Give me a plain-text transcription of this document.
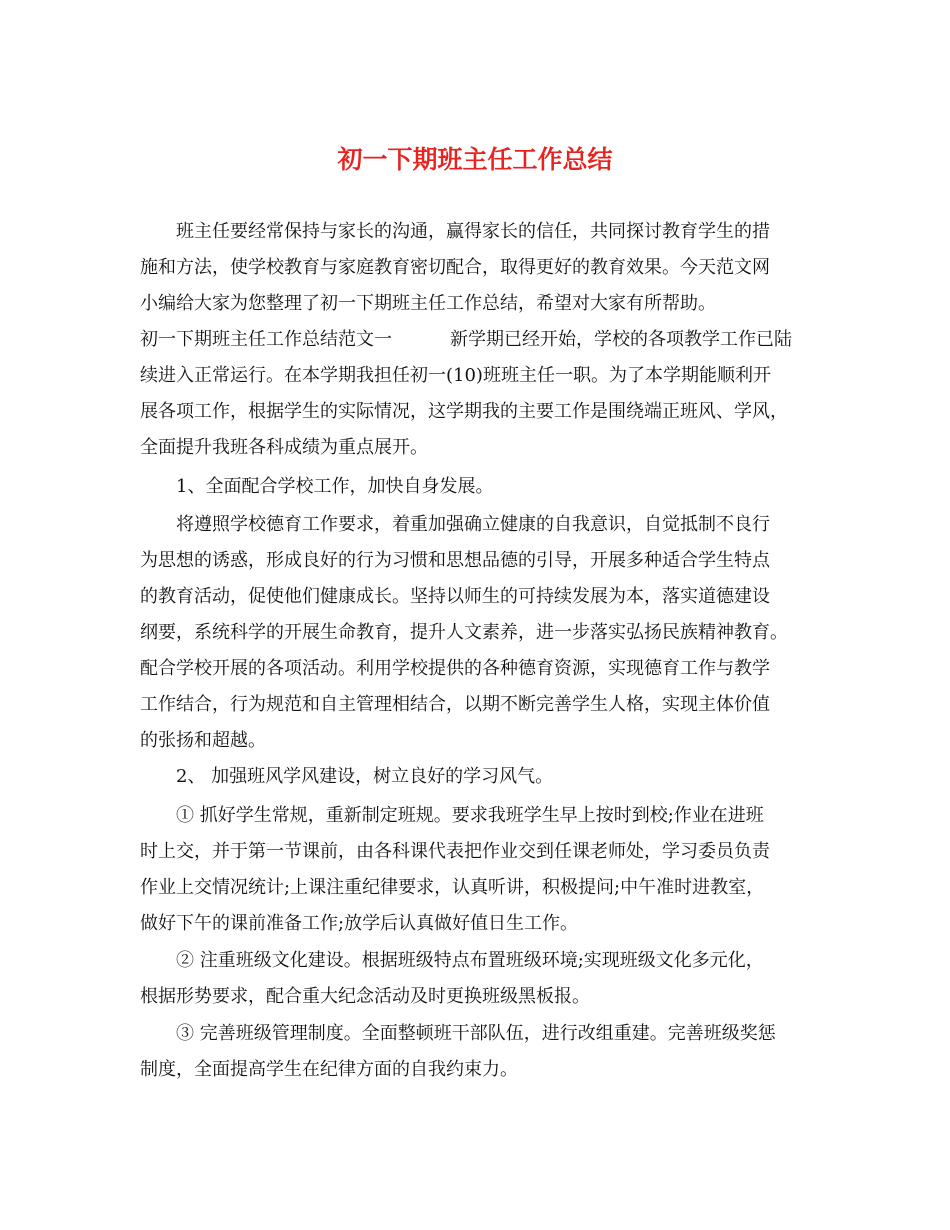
初一下期班主任工作总结

班主任要经常保持与家长的沟通，赢得家长的信任，共同探讨教育学生的措

施和方法，使学校教育与家庭教育密切配合，取得更好的教育效果。今天范文网

小编给大家为您整理了初一下期班主任工作总结，希望对大家有所帮助。

初一下期班主任工作总结范文一	新学期已经开始，学校的各项教学工作已陆

续进入正常运行。在本学期我担任初一(10)班班主任一职。为了本学期能顺利开

展各项工作，根据学生的实际情况，这学期我的主要工作是围绕端正班风、学风，

全面提升我班各科成绩为重点展开。

1、全面配合学校工作，加快自身发展。

将遵照学校德育工作要求，着重加强确立健康的自我意识，自觉抵制不良行

为思想的诱惑，形成良好的行为习惯和思想品德的引导，开展多种适合学生特点

的教育活动，促使他们健康成长。坚持以师生的可持续发展为本，落实道德建设

纲要，系统科学的开展生命教育，提升人文素养，进一步落实弘扬民族精神教育。

配合学校开展的各项活动。利用学校提供的各种德育资源，实现德育工作与教学

工作结合，行为规范和自主管理相结合，以期不断完善学生人格，实现主体价值

的张扬和超越。

2、 加强班风学风建设，树立良好的学习风气。

① 抓好学生常规，重新制定班规。要求我班学生早上按时到校;作业在进班

时上交，并于第一节课前，由各科课代表把作业交到任课老师处，学习委员负责

作业上交情况统计;上课注重纪律要求，认真听讲，积极提问;中午准时进教室，

做好下午的课前准备工作;放学后认真做好值日生工作。

② 注重班级文化建设。根据班级特点布置班级环境;实现班级文化多元化，

根据形势要求，配合重大纪念活动及时更换班级黑板报。

③ 完善班级管理制度。全面整顿班干部队伍，进行改组重建。完善班级奖惩

制度，全面提高学生在纪律方面的自我约束力。
